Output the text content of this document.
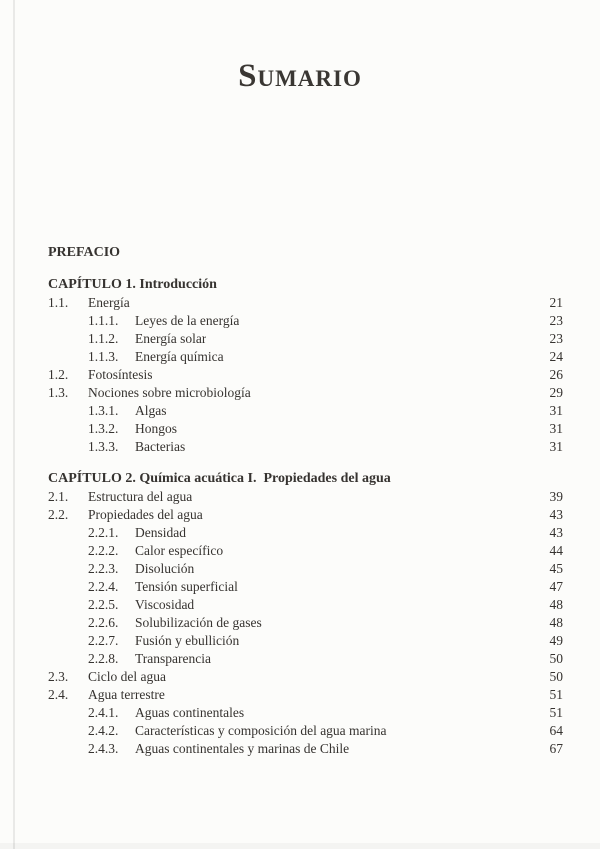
Sumario
PREFACIO
CAPÍTULO 1. Introducción
1.1.	Energía	21
1.1.1.	Leyes de la energía	23
1.1.2.	Energía solar	23
1.1.3.	Energía química	24
1.2.	Fotosíntesis	26
1.3.	Nociones sobre microbiología	29
1.3.1.	Algas	31
1.3.2.	Hongos	31
1.3.3.	Bacterias	31
CAPÍTULO 2. Química acuática I.  Propiedades del agua
2.1.	Estructura del agua	39
2.2.	Propiedades del agua	43
2.2.1.	Densidad	43
2.2.2.	Calor específico	44
2.2.3.	Disolución	45
2.2.4.	Tensión superficial	47
2.2.5.	Viscosidad	48
2.2.6.	Solubilización de gases	48
2.2.7.	Fusión y ebullición	49
2.2.8.	Transparencia	50
2.3.	Ciclo del agua	50
2.4.	Agua terrestre	51
2.4.1.	Aguas continentales	51
2.4.2.	Características y composición del agua marina	64
2.4.3.	Aguas continentales y marinas de Chile	67
